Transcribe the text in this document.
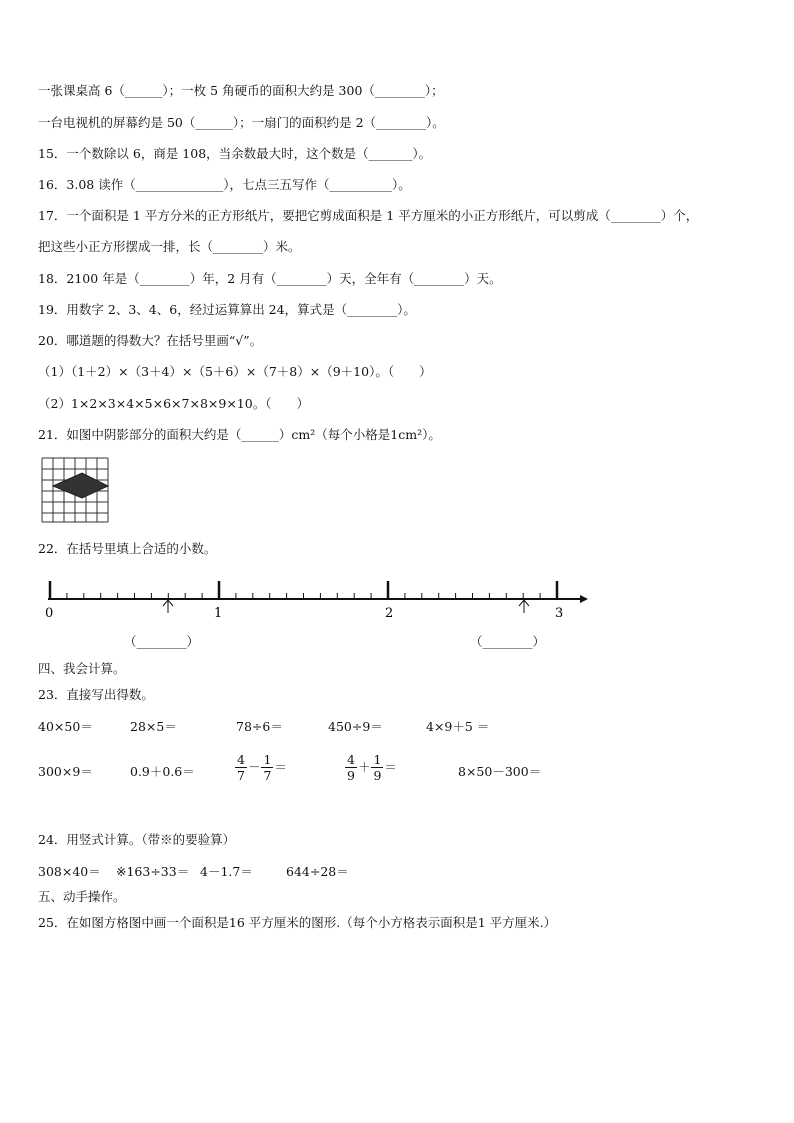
一张课桌高 6（______）；一枚 5 角硬币的面积大约是 300（________）；
一台电视机的屏幕约是 50（______）；一扇门的面积约是 2（________）。
15．一个数除以 6，商是 108，当余数最大时，这个数是（_______）。
16．3.08 读作（______________），七点三五写作（__________）。
17．一个面积是 1 平方分米的正方形纸片，要把它剪成面积是 1 平方厘米的小正方形纸片，可以剪成（________）个，
把这些小正方形摆成一排，长（________）米。
18．2100 年是（________）年，2 月有（________）天，全年有（________）天。
19．用数字 2、3、4、6，经过运算算出 24，算式是（________）。
20．哪道题的得数大？在括号里画“√”。
（1）（1＋2）×（3＋4）×（5＋6）×（7＋8）×（9＋10）。（　　）
（2）1×2×3×4×5×6×7×8×9×10。（　　）
21．如图中阴影部分的面积大约是（______）cm²（每个小格是1cm²）。
22．在括号里填上合适的小数。
0	1	2	3
（________）	（________）
四、我会计算。
23．直接写出得数。
40×50＝	28×5＝	78÷6＝	450÷9＝	4×9＋5 ＝
300×9＝	0.9＋0.6＝	$\frac{4}{7} - \frac{1}{7}$ ＝	$\frac{4}{9} + \frac{1}{9}$ ＝	8×50－300＝
24．用竖式计算。（带※的要验算）
308×40＝ ※163÷33＝ 4－1.7＝	644÷28＝
五、动手操作。
25．在如图方格图中画一个面积是16 平方厘米的图形.（每个小方格表示面积是1 平方厘米.）
